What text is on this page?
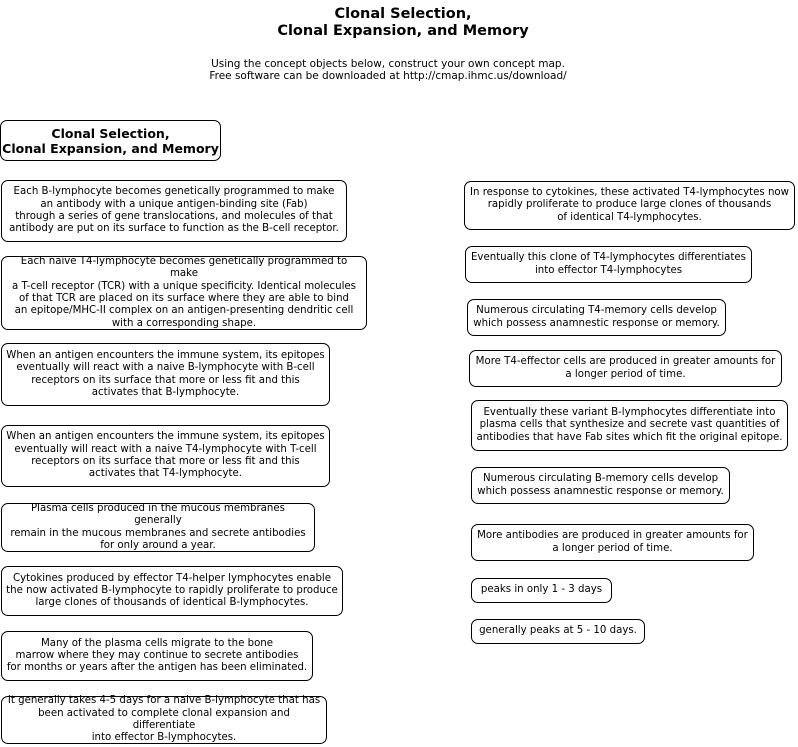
Clonal Selection,
Clonal Expansion, and Memory
Using the concept objects below, construct your own concept map.
Free software can be downloaded at http://cmap.ihmc.us/download/
Clonal Selection,
Clonal Expansion, and Memory
Each B-lymphocyte becomes genetically programmed to make
an antibody with a unique antigen-binding site (Fab)
through a series of gene translocations, and molecules of that
antibody are put on its surface to function as the B-cell receptor.
Each naive T4-lymphocyte becomes genetically programmed to make
a T-cell receptor (TCR) with a unique specificity. Identical molecules
of that TCR are placed on its surface where they are able to bind
an epitope/MHC-II complex on an antigen-presenting dendritic cell
with a corresponding shape.
When an antigen encounters the immune system, its epitopes
eventually will react with a naive B-lymphocyte with B-cell
receptors on its surface that more or less fit and this
activates that B-lymphocyte.
When an antigen encounters the immune system, its epitopes
eventually will react with a naive T4-lymphocyte with T-cell
receptors on its surface that more or less fit and this
activates that T4-lymphocyte.
Plasma cells produced in the mucous membranes generally
remain in the mucous membranes and secrete antibodies
for only around a year.
Cytokines produced by effector T4-helper lymphocytes enable
the now activated B-lymphocyte to rapidly proliferate to produce
large clones of thousands of identical B-lymphocytes.
Many of the plasma cells migrate to the bone
marrow where they may continue to secrete antibodies
for months or years after the antigen has been eliminated.
It generally takes 4-5 days for a naive B-lymphocyte that has
been activated to complete clonal expansion and differentiate
into effector B-lymphocytes.
In response to cytokines, these activated T4-lymphocytes now
rapidly proliferate to produce large clones of thousands
of identical T4-lymphocytes.
Eventually this clone of T4-lymphocytes differentiates
into effector T4-lymphocytes
Numerous circulating T4-memory cells develop
which possess anamnestic response or memory.
More T4-effector cells are produced in greater amounts for
a longer period of time.
Eventually these variant B-lymphocytes differentiate into
plasma cells that synthesize and secrete vast quantities of
antibodies that have Fab sites which fit the original epitope.
Numerous circulating B-memory cells develop
which possess anamnestic response or memory.
More antibodies are produced in greater amounts for
a longer period of time.
peaks in only 1 - 3 days
generally peaks at 5 - 10 days.
